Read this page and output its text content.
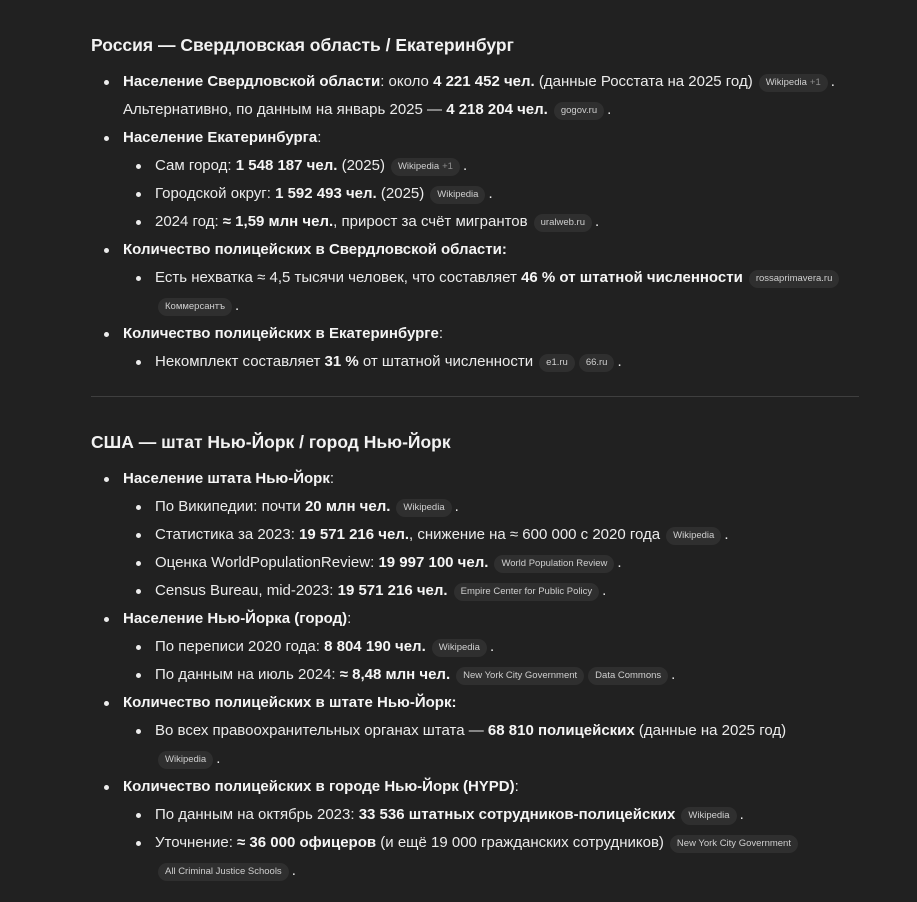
Россия — Свердловская область / Екатеринбург
Население Свердловской области: около 4 221 452 чел. (данные Росстата на 2025 год) Wikipedia +1 .
Альтернативно, по данным на январь 2025 — 4 218 204 чел. gogov.ru .
Население Екатеринбурга:
Сам город: 1 548 187 чел. (2025) Wikipedia +1 .
Городской округ: 1 592 493 чел. (2025) Wikipedia .
2024 год: ≈ 1,59 млн чел., прирост за счёт мигрантов uralweb.ru .
Количество полицейских в Свердловской области:
Есть нехватка ≈ 4,5 тысячи человек, что составляет 46 % от штатной численности rossaprimavera.ru
Коммерсантъ .
Количество полицейских в Екатеринбурге:
Некомплект составляет 31 % от штатной численности e1.ru 66.ru .
США — штат Нью-Йорк / город Нью-Йорк
Население штата Нью-Йорк:
По Википедии: почти 20 млн чел. Wikipedia .
Статистика за 2023: 19 571 216 чел., снижение на ≈ 600 000 с 2020 года Wikipedia .
Оценка WorldPopulationReview: 19 997 100 чел. World Population Review .
Census Bureau, mid-2023: 19 571 216 чел. Empire Center for Public Policy .
Население Нью-Йорка (город):
По переписи 2020 года: 8 804 190 чел. Wikipedia .
По данным на июль 2024: ≈ 8,48 млн чел. New York City Government Data Commons .
Количество полицейских в штате Нью-Йорк:
Во всех правоохранительных органах штата — 68 810 полицейских (данные на 2025 год)
Wikipedia .
Количество полицейских в городе Нью-Йорк (HYPD):
По данным на октябрь 2023: 33 536 штатных сотрудников-полицейских Wikipedia .
Уточнение: ≈ 36 000 офицеров (и ещё 19 000 гражданских сотрудников) New York City Government
All Criminal Justice Schools .
